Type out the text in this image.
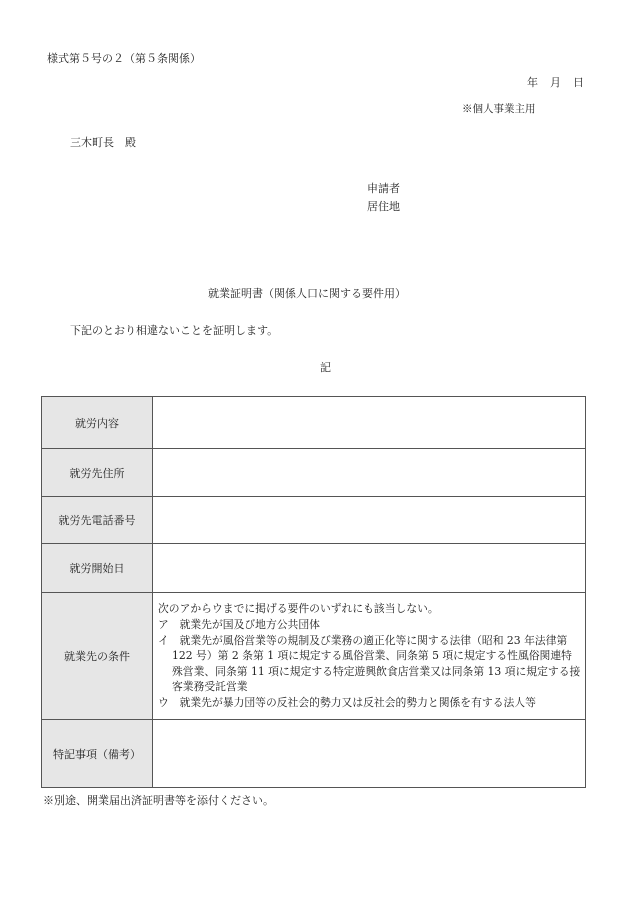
様式第５号の２（第５条関係）
年 月 日
※個人事業主用
三木町長　殿
申請者
居住地
就業証明書（関係人口に関する要件用）
下記のとおり相違ないことを証明します。
記
就労内容	
就労先住所	
就労先電話番号	
就労開始日	
就業先の条件	次のアからウまでに掲げる要件のいずれにも該当しない。
ア　就業先が国及び地方公共団体
イ　就業先が風俗営業等の規制及び業務の適正化等に関する法律（昭和 23 年法律第 122 号）第 2 条第 1 項に規定する風俗営業、同条第 5 項に規定する性風俗関連特殊営業、同条第 11 項に規定する特定遊興飲食店営業又は同条第 13 項に規定する接客業務受託営業
ウ　就業先が暴力団等の反社会的勢力又は反社会的勢力と関係を有する法人等

特記事項（備考）	
※別途、開業届出済証明書等を添付ください。
